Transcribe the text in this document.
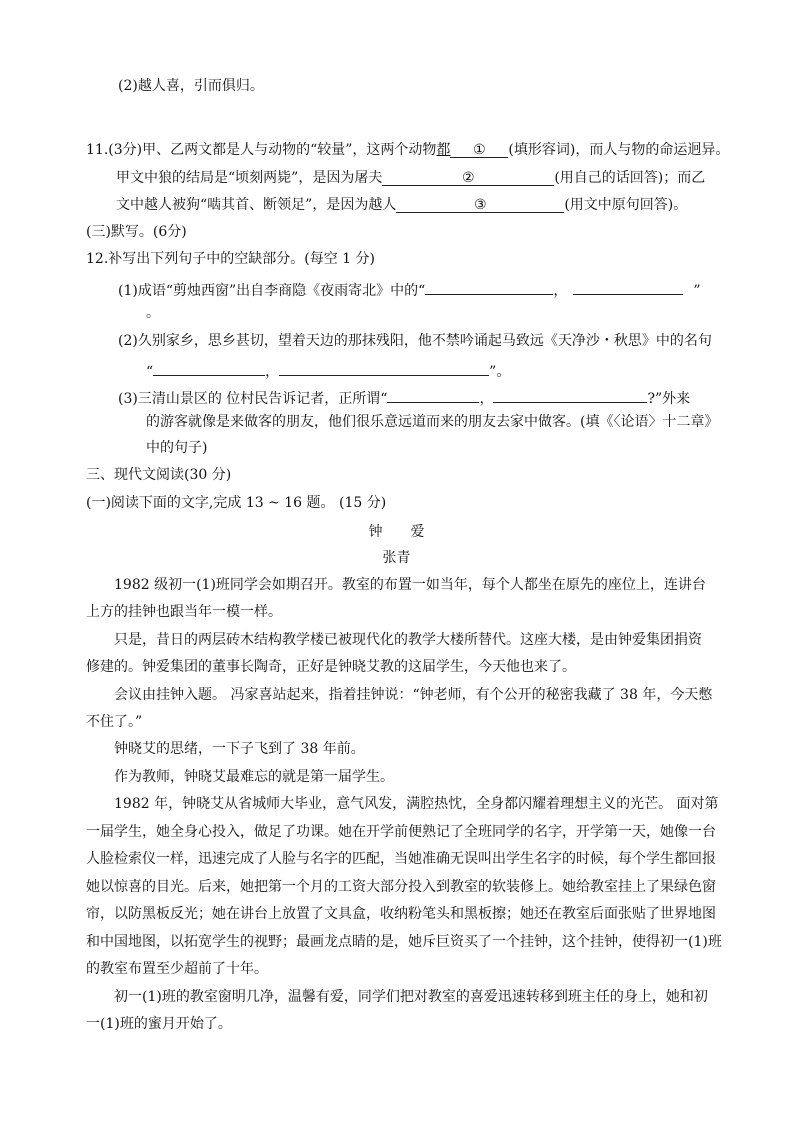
(2)越人喜，引而俱归。
11.(3分)甲、乙两文都是人与动物的“较量”，这两个动物都 ① (填形容词)，而人与物的命运迥异。
甲文中狼的结局是“顷刻两毙”，是因为屠夫	②	(用自己的话回答)；而乙
文中越人被狗“啮其首、断领足”，是因为越人	③	(用文中原句回答)。
(三)默写。(6分)
12.补写出下列句子中的空缺部分。(每空 1 分)
(1)成语“剪烛西窗”出自李商隐《夜雨寄北》中的“	，	”
。
(2)久别家乡，思乡甚切，望着天边的那抹残阳，他不禁吟诵起马致远《天净沙・秋思》中的名句
“	，	”。
(3)三清山景区的 位村民告诉记者，正所谓“	，	?”外来
的游客就像是来做客的朋友，他们很乐意远道而来的朋友去家中做客。(填《〈论语〉十二章》
中的句子)
三、现代文阅读(30 分)
(一)阅读下面的文字,完成 13 ~ 16 题。 (15 分)
钟　　爱
张青
1982 级初一(1)班同学会如期召开。教室的布置一如当年，每个人都坐在原先的座位上，连讲台
上方的挂钟也跟当年一模一样。
只是，昔日的两层砖木结构教学楼已被现代化的教学大楼所替代。这座大楼，是由钟爱集团捐资
修建的。钟爱集团的董事长陶奇，正好是钟晓艾教的这届学生，今天他也来了。
会议由挂钟入题。 冯家喜站起来，指着挂钟说：“钟老师，有个公开的秘密我藏了 38 年，今天憋
不住了。”
钟晓艾的思绪，一下子飞到了 38 年前。
作为教师，钟晓艾最难忘的就是第一届学生。
1982 年，钟晓艾从省城师大毕业，意气风发，满腔热忱，全身都闪耀着理想主义的光芒。 面对第
一届学生，她全身心投入，做足了功课。她在开学前便熟记了全班同学的名字，开学第一天，她像一台
人脸检索仪一样，迅速完成了人脸与名字的匹配，当她准确无误叫出学生名字的时候，每个学生都回报
她以惊喜的目光。后来，她把第一个月的工资大部分投入到教室的软装修上。她给教室挂上了果绿色窗
帘，以防黑板反光；她在讲台上放置了文具盒，收纳粉笔头和黑板擦；她还在教室后面张贴了世界地图
和中国地图，以拓宽学生的视野；最画龙点睛的是，她斥巨资买了一个挂钟，这个挂钟，使得初一(1)班
的教室布置至少超前了十年。
初一(1)班的教室窗明几净，温馨有爱，同学们把对教室的喜爱迅速转移到班主任的身上，她和初
一(1)班的蜜月开始了。
